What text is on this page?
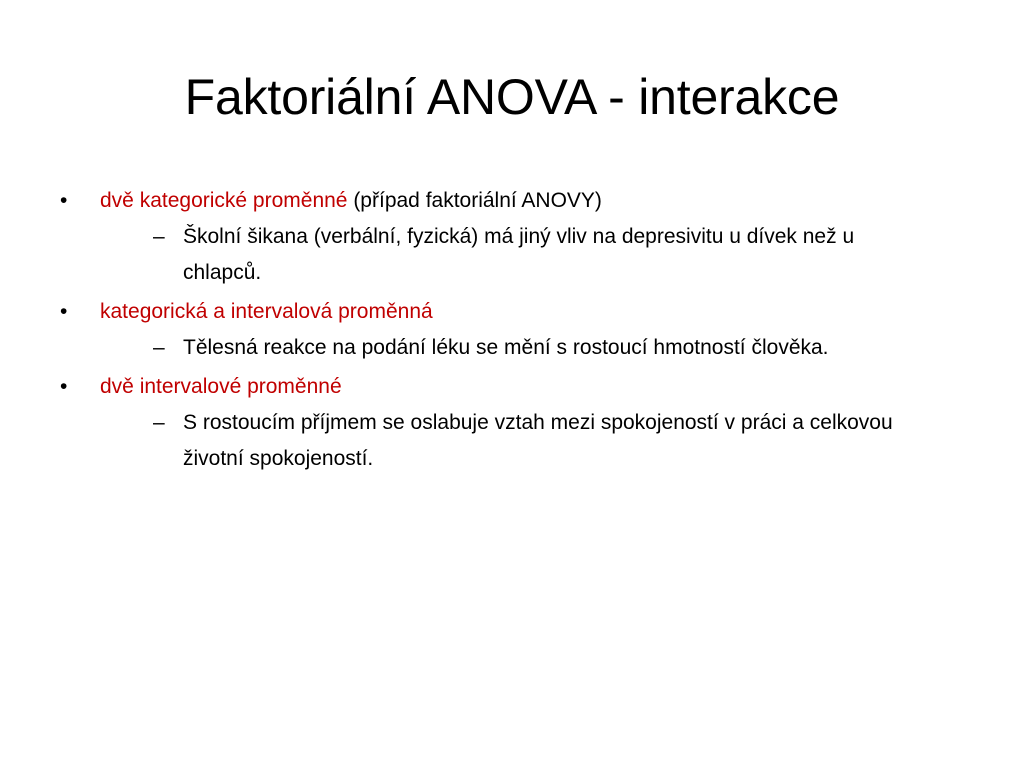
Faktoriální ANOVA - interakce
•	dvě kategorické proměnné (případ faktoriální ANOVY)
– Školní šikana (verbální, fyzická) má jiný vliv na depresivitu u dívek než u chlapců.
•	kategorická a intervalová proměnná
– Tělesná reakce na podání léku se mění s rostoucí hmotností člověka.
•	dvě intervalové proměnné
– S rostoucím příjmem se oslabuje vztah mezi spokojeností v práci a celkovou životní spokojeností.
